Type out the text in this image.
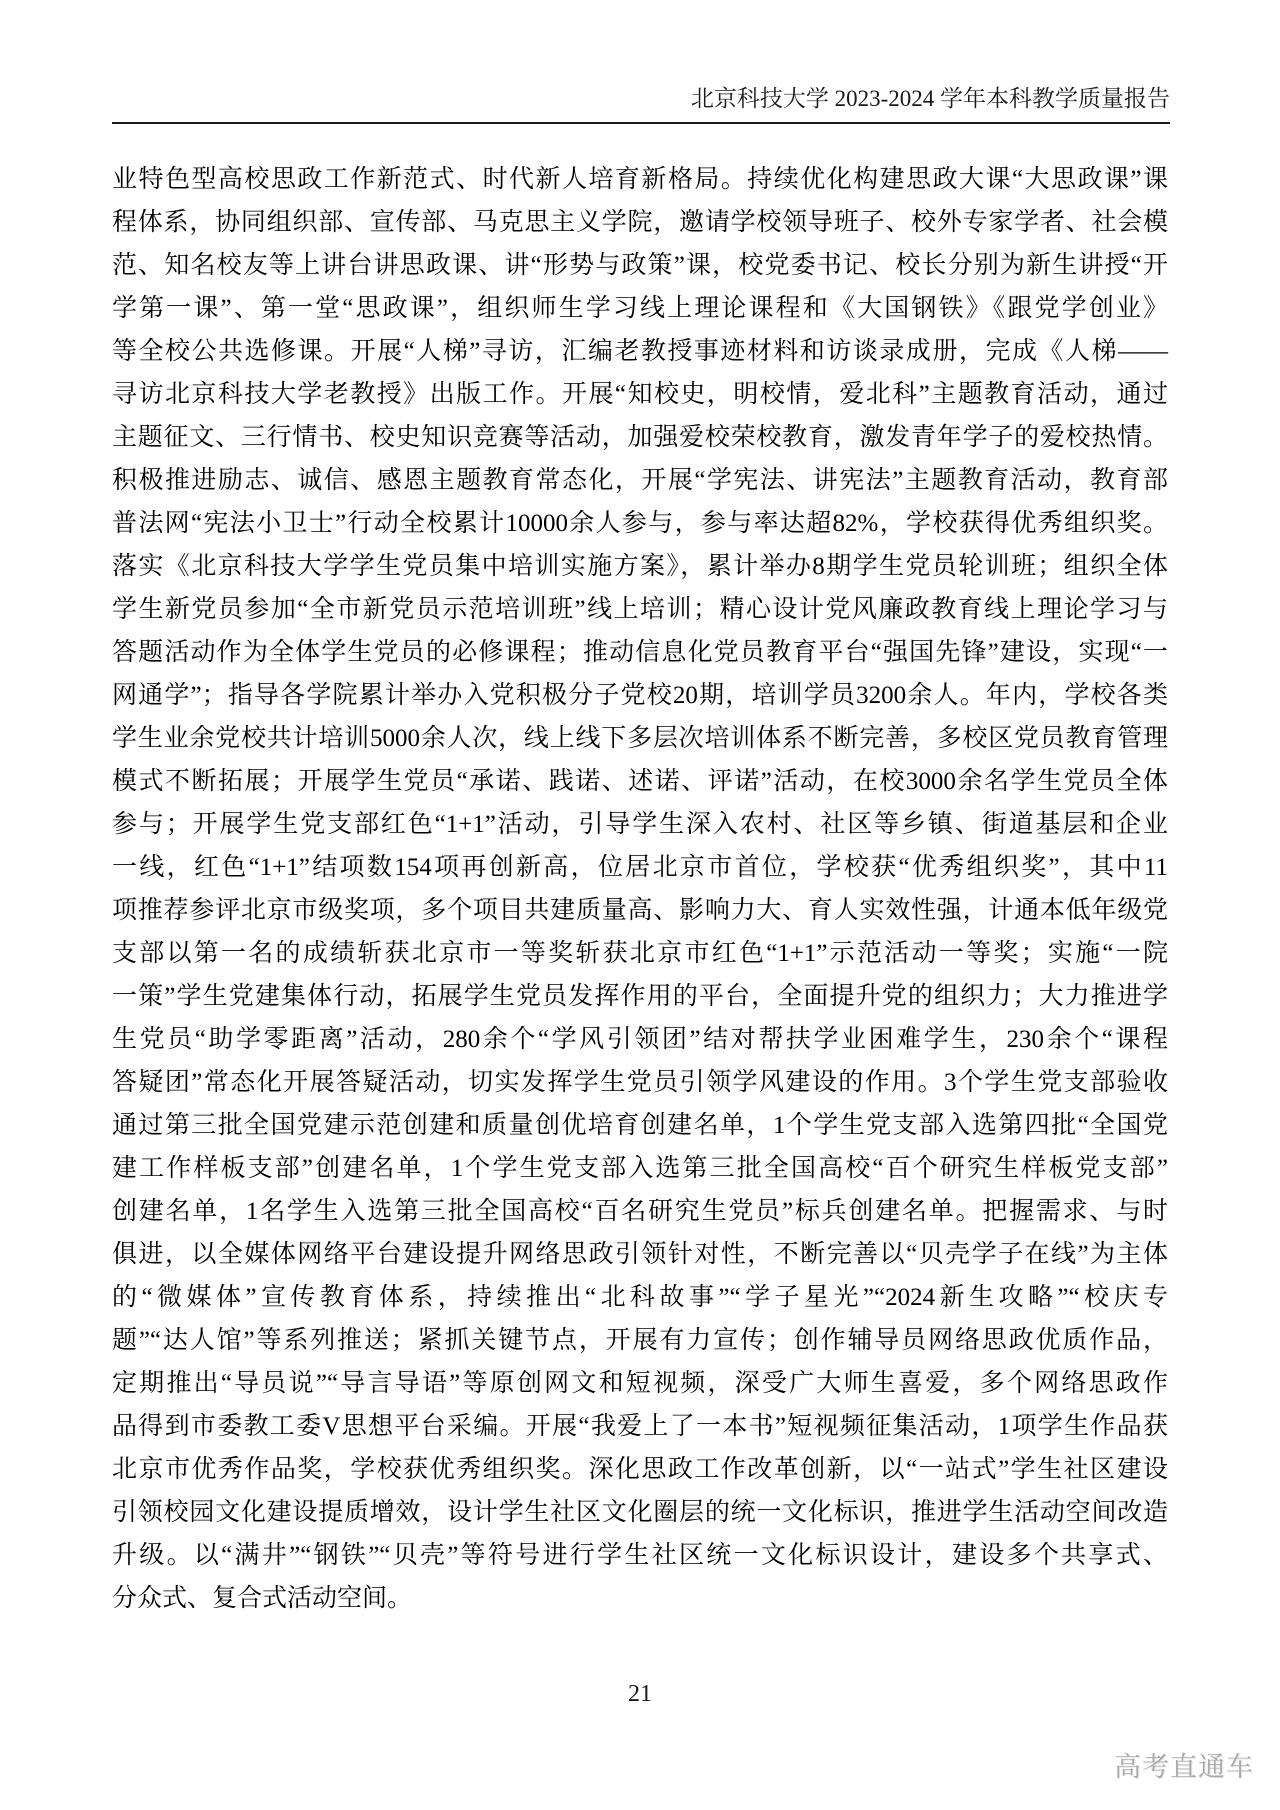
北京科技大学 2023-2024 学年本科教学质量报告
业特色型高校思政工作新范式、时代新人培育新格局。持续优化构建思政大课“大思政课”课
程体系，协同组织部、宣传部、马克思主义学院，邀请学校领导班子、校外专家学者、社会模
范、知名校友等上讲台讲思政课、讲“形势与政策”课，校党委书记、校长分别为新生讲授“开
学第一课”、第一堂“思政课”，组织师生学习线上理论课程和《大国钢铁》《跟党学创业》
等全校公共选修课。开展“人梯”寻访，汇编老教授事迹材料和访谈录成册，完成《人梯——
寻访北京科技大学老教授》出版工作。开展“知校史，明校情，爱北科”主题教育活动，通过
主题征文、三行情书、校史知识竞赛等活动，加强爱校荣校教育，激发青年学子的爱校热情。
积极推进励志、诚信、感恩主题教育常态化，开展“学宪法、讲宪法”主题教育活动，教育部
普法网“宪法小卫士”行动全校累计10000余人参与，参与率达超82%，学校获得优秀组织奖。
落实《北京科技大学学生党员集中培训实施方案》，累计举办8期学生党员轮训班；组织全体
学生新党员参加“全市新党员示范培训班”线上培训；精心设计党风廉政教育线上理论学习与
答题活动作为全体学生党员的必修课程；推动信息化党员教育平台“强国先锋”建设，实现“一
网通学”；指导各学院累计举办入党积极分子党校20期，培训学员3200余人。年内，学校各类
学生业余党校共计培训5000余人次，线上线下多层次培训体系不断完善，多校区党员教育管理
模式不断拓展；开展学生党员“承诺、践诺、述诺、评诺”活动，在校3000余名学生党员全体
参与；开展学生党支部红色“1+1”活动，引导学生深入农村、社区等乡镇、街道基层和企业
一线，红色“1+1”结项数154项再创新高，位居北京市首位，学校获“优秀组织奖”，其中11
项推荐参评北京市级奖项，多个项目共建质量高、影响力大、育人实效性强，计通本低年级党
支部以第一名的成绩斩获北京市一等奖斩获北京市红色“1+1”示范活动一等奖；实施“一院
一策”学生党建集体行动，拓展学生党员发挥作用的平台，全面提升党的组织力；大力推进学
生党员“助学零距离”活动，280余个“学风引领团”结对帮扶学业困难学生，230余个“课程
答疑团”常态化开展答疑活动，切实发挥学生党员引领学风建设的作用。3个学生党支部验收
通过第三批全国党建示范创建和质量创优培育创建名单，1个学生党支部入选第四批“全国党
建工作样板支部”创建名单，1个学生党支部入选第三批全国高校“百个研究生样板党支部”
创建名单，1名学生入选第三批全国高校“百名研究生党员”标兵创建名单。把握需求、与时
俱进，以全媒体网络平台建设提升网络思政引领针对性，不断完善以“贝壳学子在线”为主体
的“微媒体”宣传教育体系，持续推出“北科故事”“学子星光”“2024新生攻略”“校庆专
题”“达人馆”等系列推送；紧抓关键节点，开展有力宣传；创作辅导员网络思政优质作品，
定期推出“导员说”“导言导语”等原创网文和短视频，深受广大师生喜爱，多个网络思政作
品得到市委教工委V思想平台采编。开展“我爱上了一本书”短视频征集活动，1项学生作品获
北京市优秀作品奖，学校获优秀组织奖。深化思政工作改革创新，以“一站式”学生社区建设
引领校园文化建设提质增效，设计学生社区文化圈层的统一文化标识，推进学生活动空间改造
升级。以“满井”“钢铁”“贝壳”等符号进行学生社区统一文化标识设计，建设多个共享式、
分众式、复合式活动空间。
21
高考直通车
